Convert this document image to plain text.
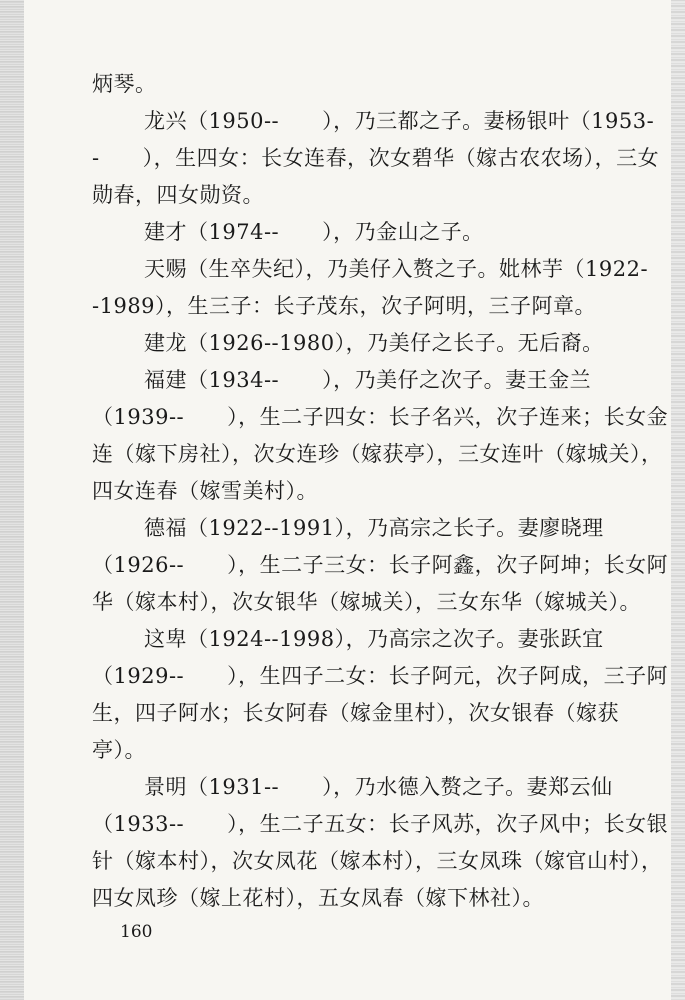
炳琴。

龙兴（1950--　　），乃三都之子。妻杨银叶（1953--　　），生四女：长女连春，次女碧华（嫁古农农场），三女勋春，四女勋资。

建才（1974--　　），乃金山之子。

天赐（生卒失纪），乃美仔入赘之子。妣林芋（1922--1989），生三子：长子茂东，次子阿明，三子阿章。

建龙（1926--1980），乃美仔之长子。无后裔。

福建（1934--　　），乃美仔之次子。妻王金兰（1939--　　），生二子四女：长子名兴，次子连来；长女金连（嫁下房社），次女连珍（嫁获亭），三女连叶（嫁城关），四女连春（嫁雪美村）。

德福（1922--1991），乃高宗之长子。妻廖晓理（1926--　　），生二子三女：长子阿鑫，次子阿坤；长女阿华（嫁本村），次女银华（嫁城关），三女东华（嫁城关）。

这卑（1924--1998），乃高宗之次子。妻张跃宜（1929--　　），生四子二女：长子阿元，次子阿成，三子阿生，四子阿水；长女阿春（嫁金里村），次女银春（嫁获亭）。

景明（1931--　　），乃水德入赘之子。妻郑云仙（1933--　　），生二子五女：长子风苏，次子风中；长女银针（嫁本村），次女凤花（嫁本村），三女凤珠（嫁官山村），四女凤珍（嫁上花村），五女凤春（嫁下林社）。

160
